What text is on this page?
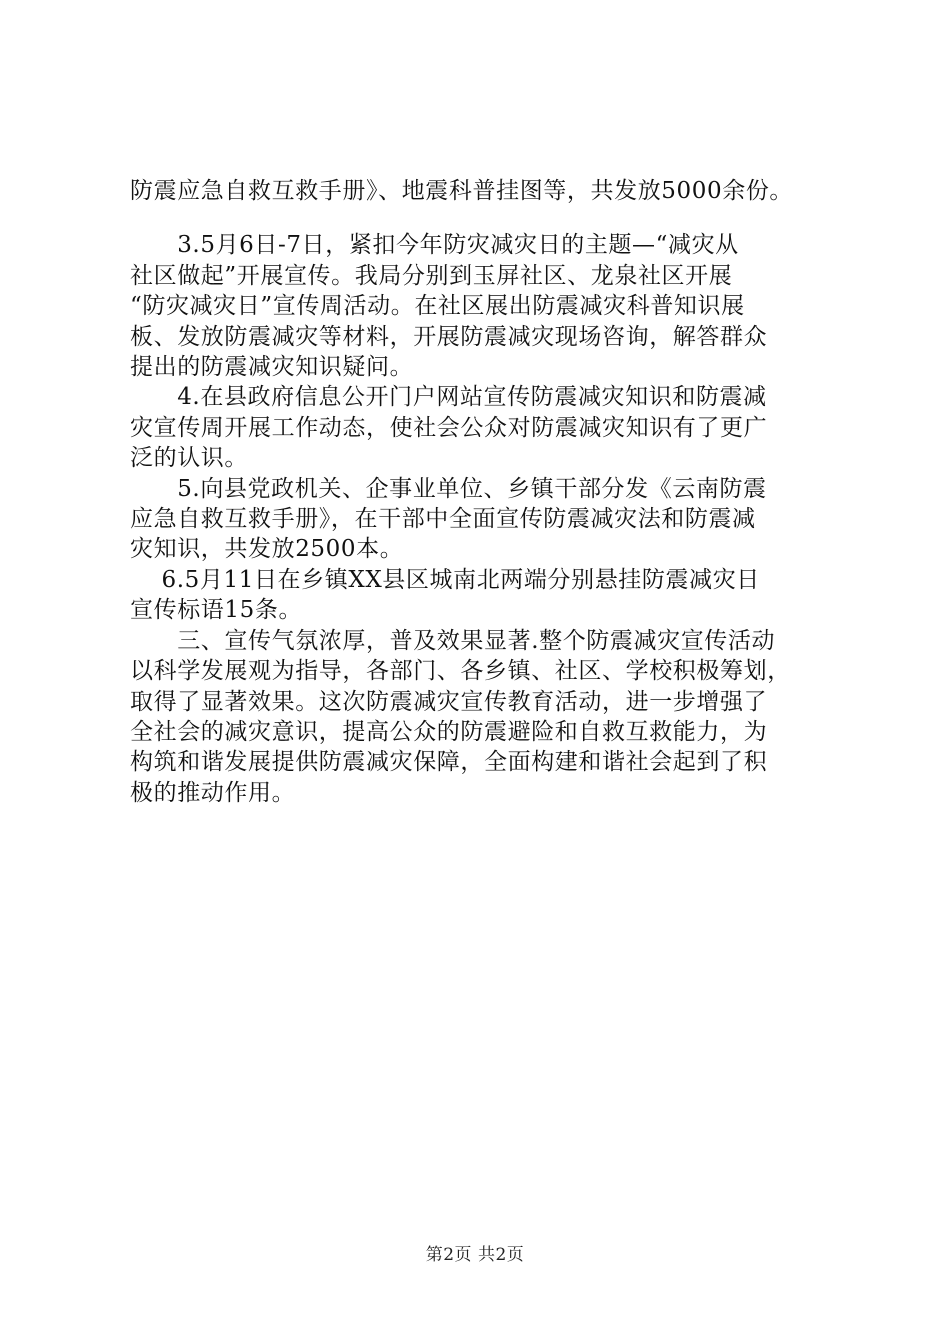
防震应急自救互救手册》、地震科普挂图等，共发放5000余份。

　　3.5月6日-7日，紧扣今年防灾减灾日的主题—“减灾从
社区做起”开展宣传。我局分别到玉屏社区、龙泉社区开展
“防灾减灾日”宣传周活动。在社区展出防震减灾科普知识展
板、发放防震减灾等材料，开展防震减灾现场咨询，解答群众
提出的防震减灾知识疑问。

　　4.在县政府信息公开门户网站宣传防震减灾知识和防震减
灾宣传周开展工作动态，使社会公众对防震减灾知识有了更广
泛的认识。

　　5.向县党政机关、企事业单位、乡镇干部分发《云南防震
应急自救互救手册》，在干部中全面宣传防震减灾法和防震减
灾知识，共发放2500本。

　 6.5月11日在乡镇XX县区城南北两端分别悬挂防震减灾日
宣传标语15条。

　　三、宣传气氛浓厚，普及效果显著.整个防震减灾宣传活动
以科学发展观为指导，各部门、各乡镇、社区、学校积极筹划，
取得了显著效果。这次防震减灾宣传教育活动，进一步增强了
全社会的减灾意识，提高公众的防震避险和自救互救能力，为
构筑和谐发展提供防震减灾保障，全面构建和谐社会起到了积
极的推动作用。

第2页 共2页
